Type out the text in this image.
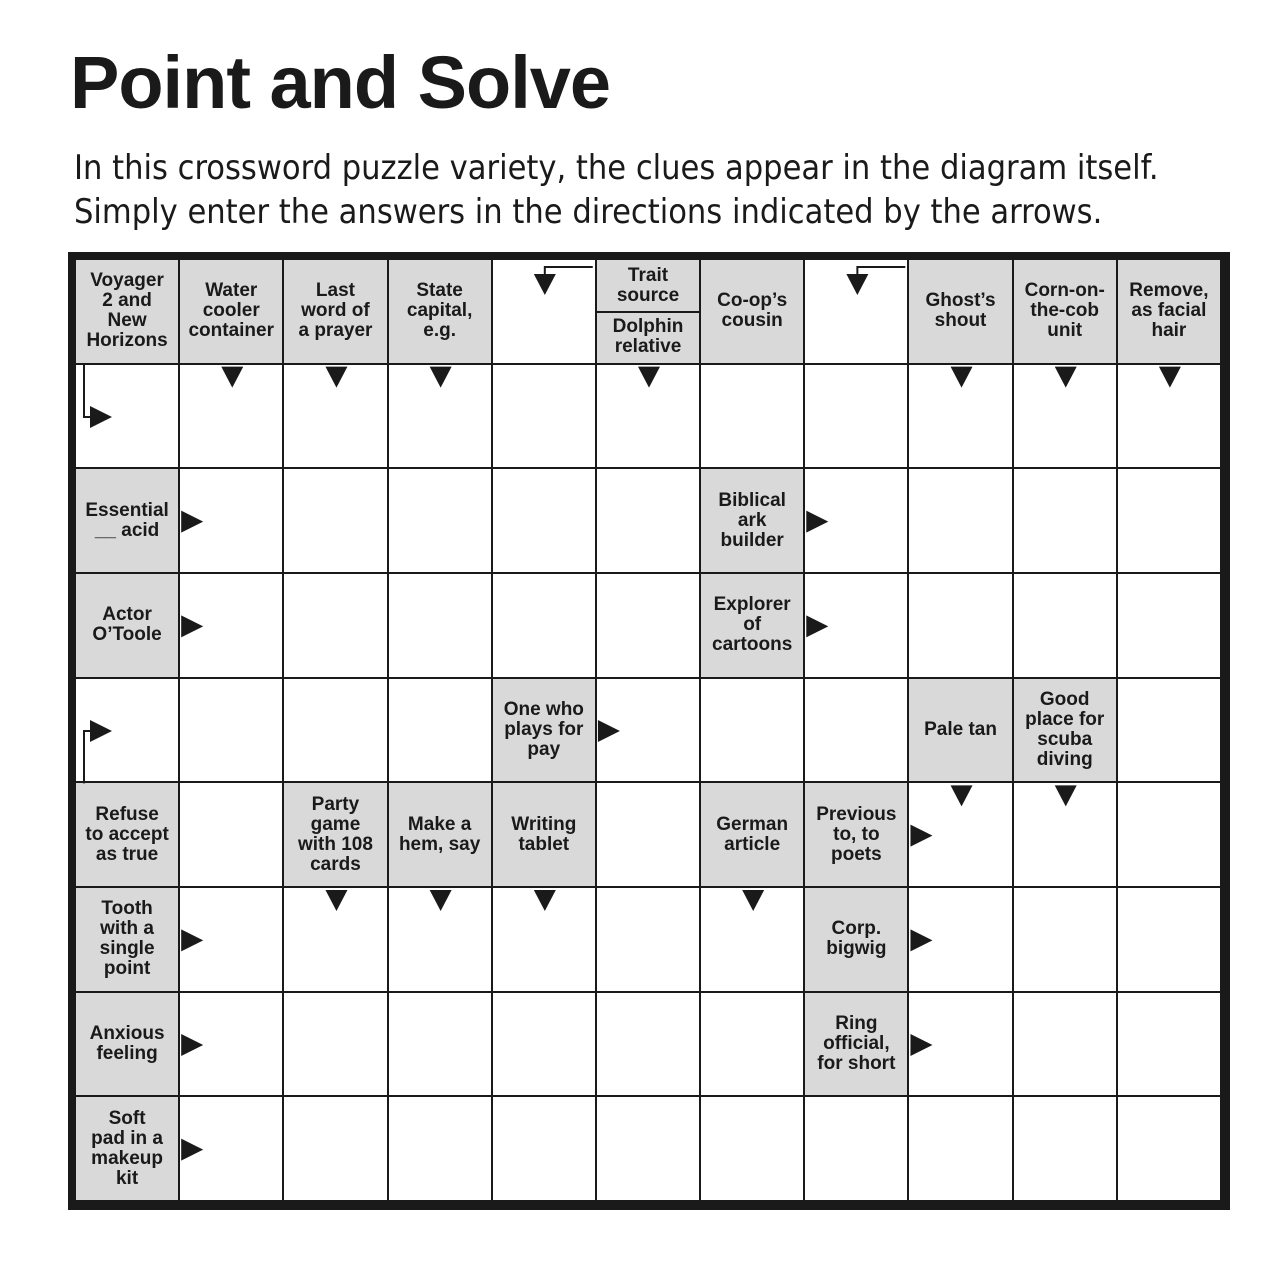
Point and Solve
In this crossword puzzle variety, the clues appear in the diagram itself.
Simply enter the answers in the directions indicated by the arrows.
Voyager
2 and
New
Horizons
Water
cooler
container
Last
word of
a prayer
State
capital,
e.g.
Trait
source
Dolphin
relative
Co-op’s
cousin
Ghost’s
shout
Corn-on-
the-cob
unit
Remove,
as facial
hair
Essential
__ acid
Biblical
ark
builder
Actor
O’Toole
Explorer
of
cartoons
One who
plays for
pay
Pale tan
Good
place for
scuba
diving
Refuse
to accept
as true
Party
game
with 108
cards
Make a
hem, say
Writing
tablet
German
article
Previous
to, to
poets
Tooth
with a
single
point
Corp.
bigwig
Anxious
feeling
Ring
official,
for short
Soft
pad in a
makeup
kit
